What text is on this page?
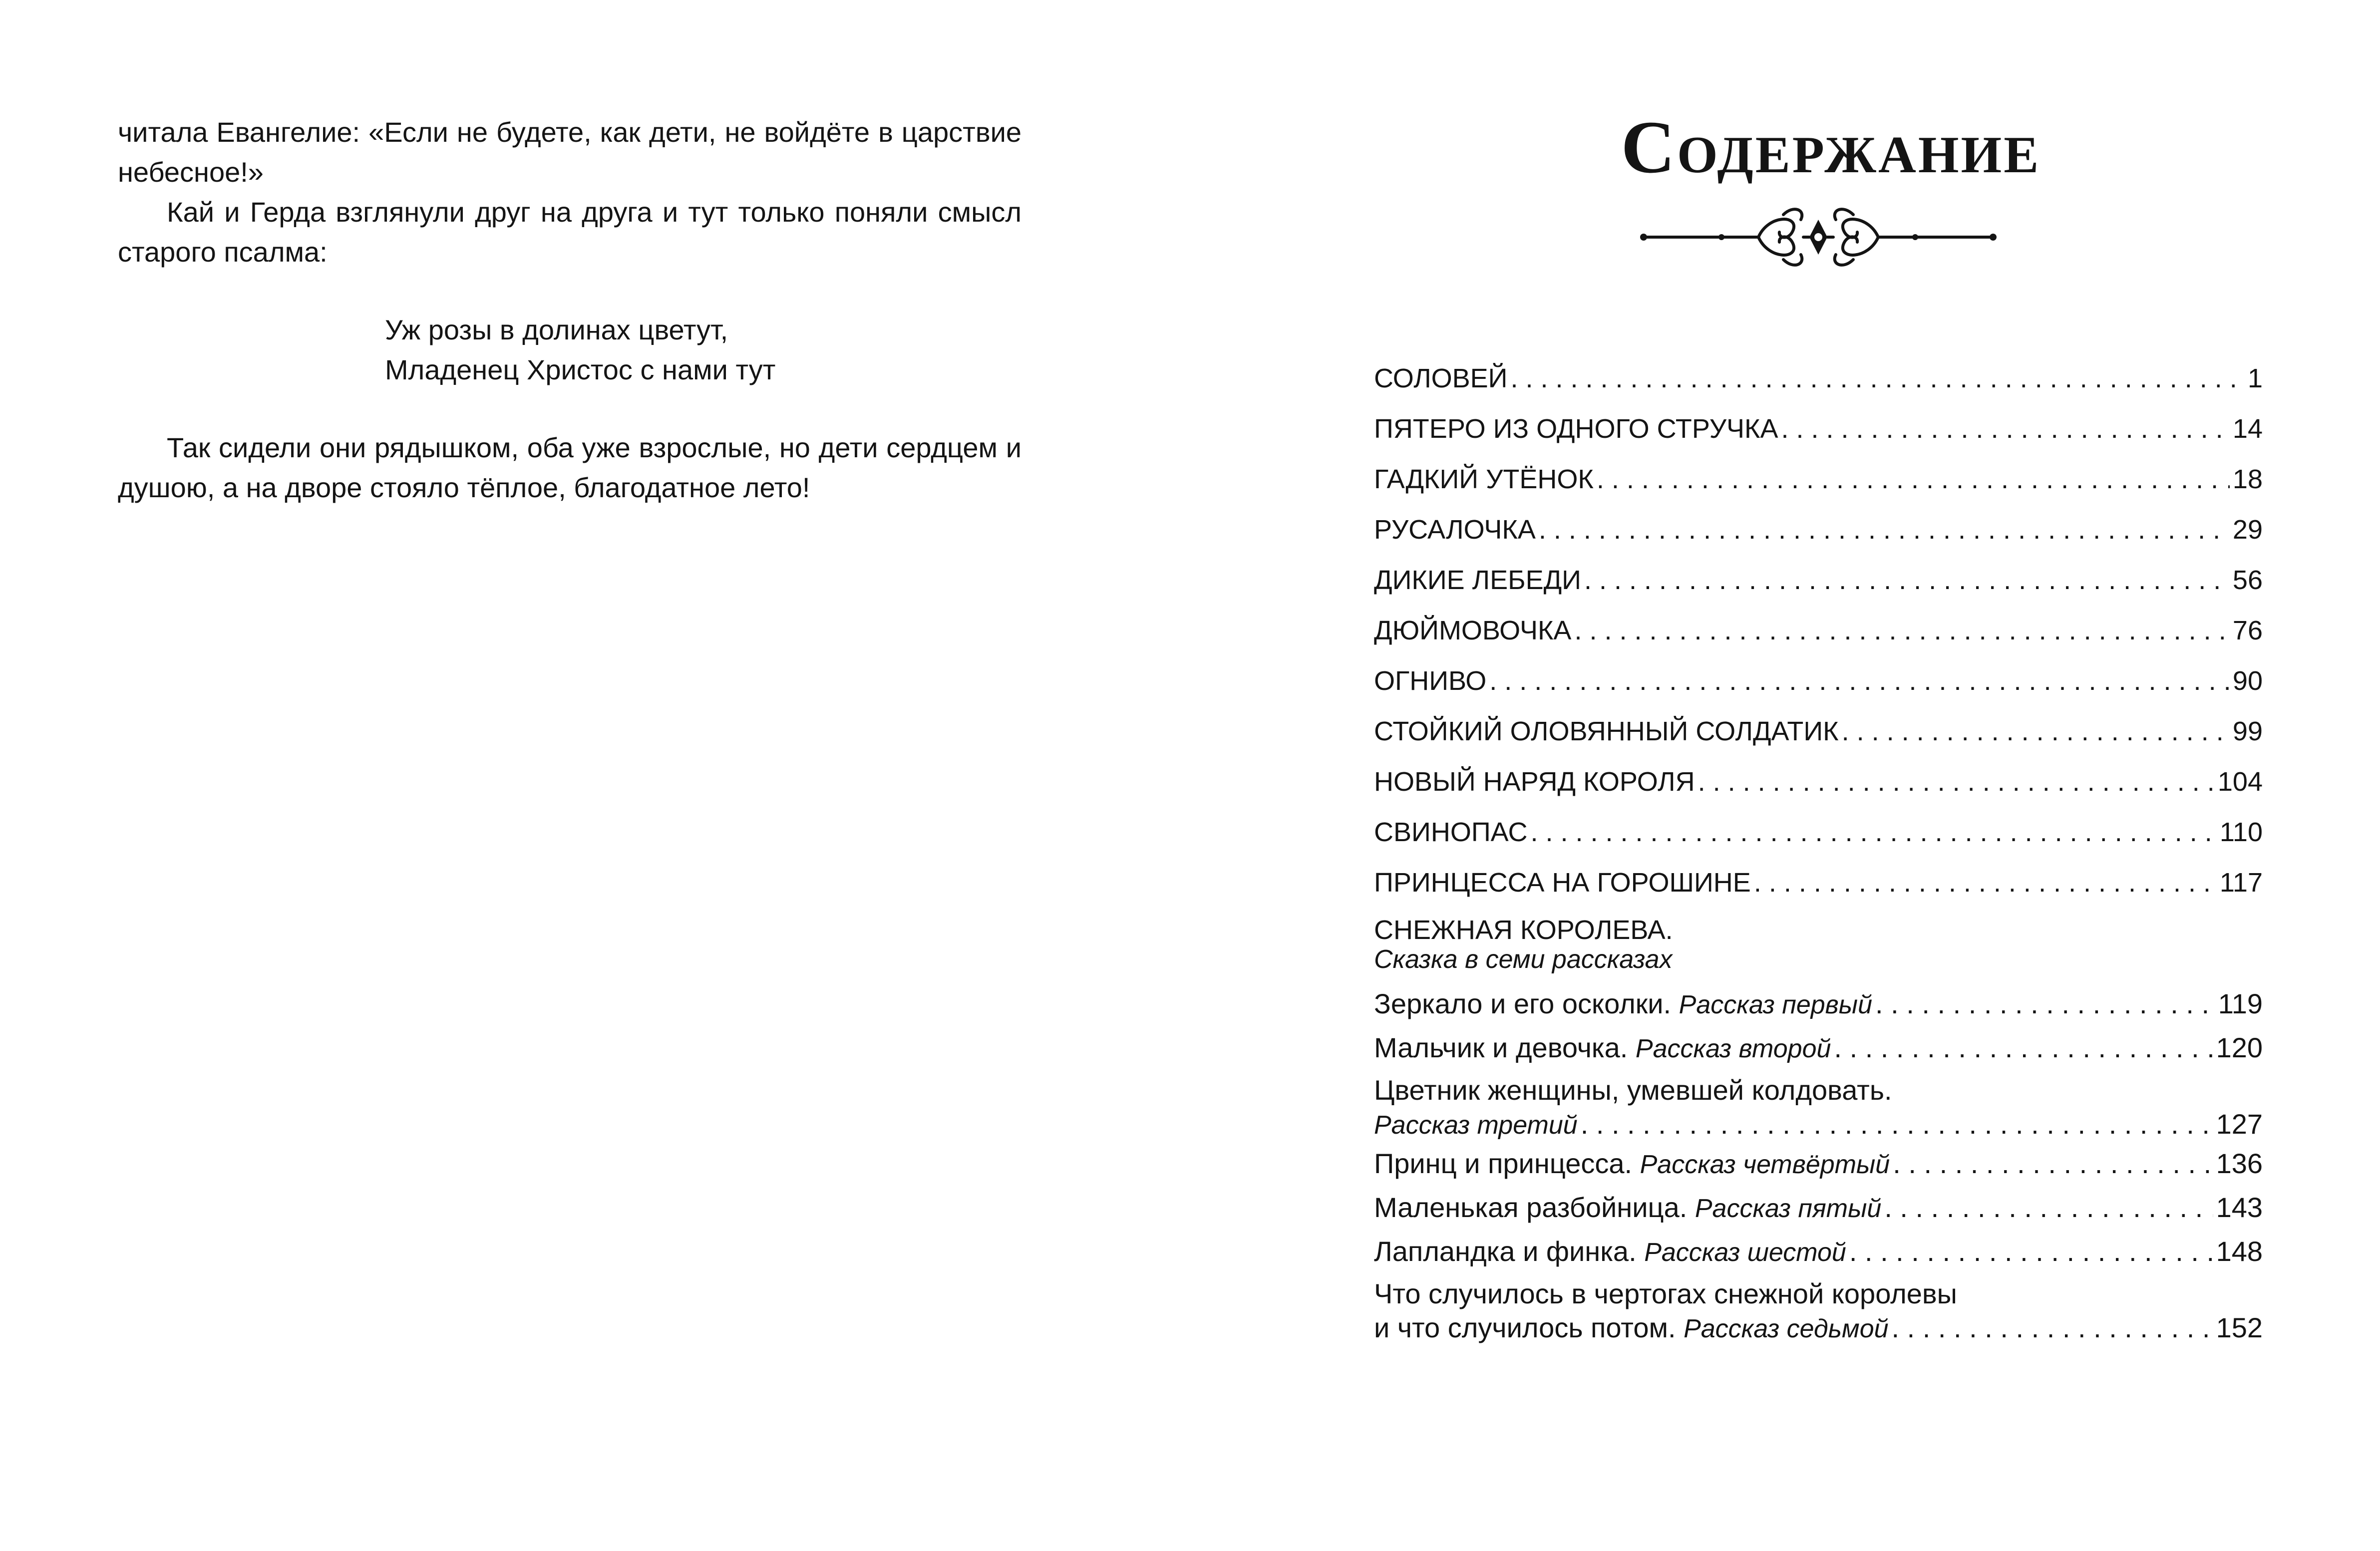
читала Евангелие: «Если не будете, как дети, не войдёте в царствие небесное!»

Кай и Герда взглянули друг на друга и тут только поняли смысл старого псалма:

Уж розы в долинах цветут,
Младенец Христос с нами тут

Так сидели они рядышком, оба уже взрослые, но дети сердцем и душою, а на дворе стояло тёплое, благодатное лето!

Содержание
СОЛОВЕЙ . . .	1
ПЯТЕРО ИЗ ОДНОГО СТРУЧКА . . .	14
ГАДКИЙ УТЁНОК . . .	18
РУСАЛОЧКА . . .	29
ДИКИЕ ЛЕБЕДИ . . .	56
ДЮЙМОВОЧКА . . .	76
ОГНИВО . . .	90
СТОЙКИЙ ОЛОВЯННЫЙ СОЛДАТИК . . .	99
НОВЫЙ НАРЯД КОРОЛЯ . . .	104
СВИНОПАС . . .	110
ПРИНЦЕССА НА ГОРОШИНЕ . . .	117
СНЕЖНАЯ КОРОЛЕВА.
Сказка в семи рассказах
Зеркало и его осколки. Рассказ первый . . .	119
Мальчик и девочка. Рассказ второй . . .	120
Цветник женщины, умевшей колдовать.
Рассказ третий . . .	127
Принц и принцесса. Рассказ четвёртый . . .	136
Маленькая разбойница. Рассказ пятый . . .	143
Лапландка и финка. Рассказ шестой . . .	148
Что случилось в чертогах снежной королевы
и что случилось потом. Рассказ седьмой . . .	152
